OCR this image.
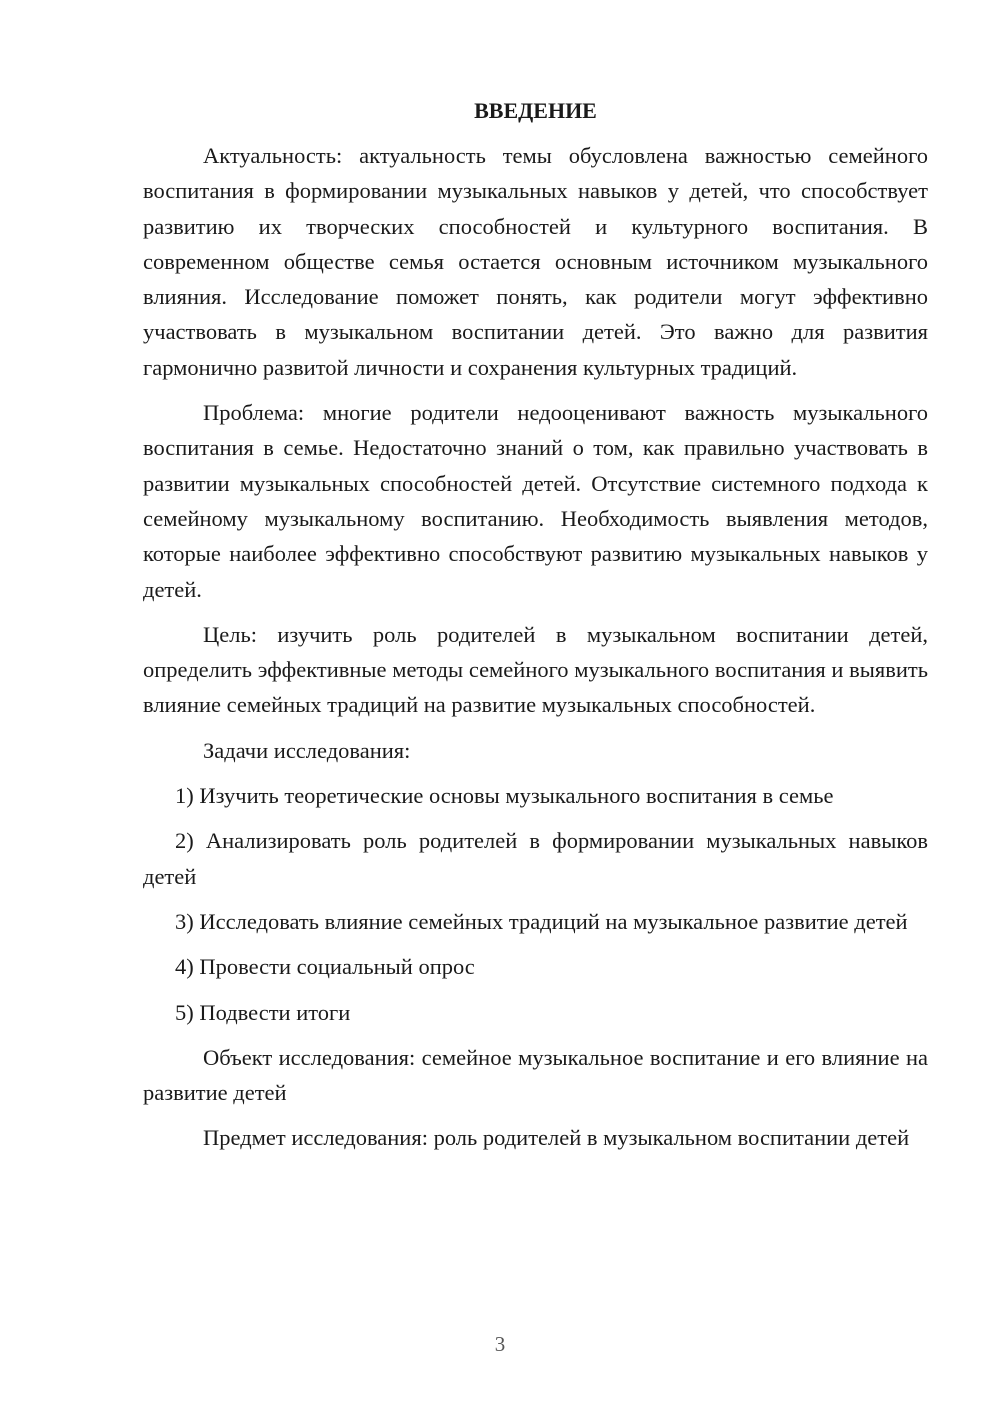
ВВЕДЕНИЕ

Актуальность: актуальность темы обусловлена важностью семейного воспитания в формировании музыкальных навыков у детей, что способствует развитию их творческих способностей и культурного воспитания. В современном обществе семья остается основным источником музыкального влияния. Исследование поможет понять, как родители могут эффективно участвовать в музыкальном воспитании детей. Это важно для развития гармонично развитой личности и сохранения культурных традиций.

Проблема: многие родители недооценивают важность музыкального воспитания в семье. Недостаточно знаний о том, как правильно участвовать в развитии музыкальных способностей детей. Отсутствие системного подхода к семейному музыкальному воспитанию. Необходимость выявления методов, которые наиболее эффективно способствуют развитию музыкальных навыков у детей.

Цель: изучить роль родителей в музыкальном воспитании детей, определить эффективные методы семейного музыкального воспитания и выявить влияние семейных традиций на развитие музыкальных способностей.

Задачи исследования:

1) Изучить теоретические основы музыкального воспитания в семье

2) Анализировать роль родителей в формировании музыкальных навыков детей

3) Исследовать влияние семейных традиций на музыкальное развитие детей

4) Провести социальный опрос

5) Подвести итоги

Объект исследования: семейное музыкальное воспитание и его влияние на развитие детей

Предмет исследования: роль родителей в музыкальном воспитании детей

3
